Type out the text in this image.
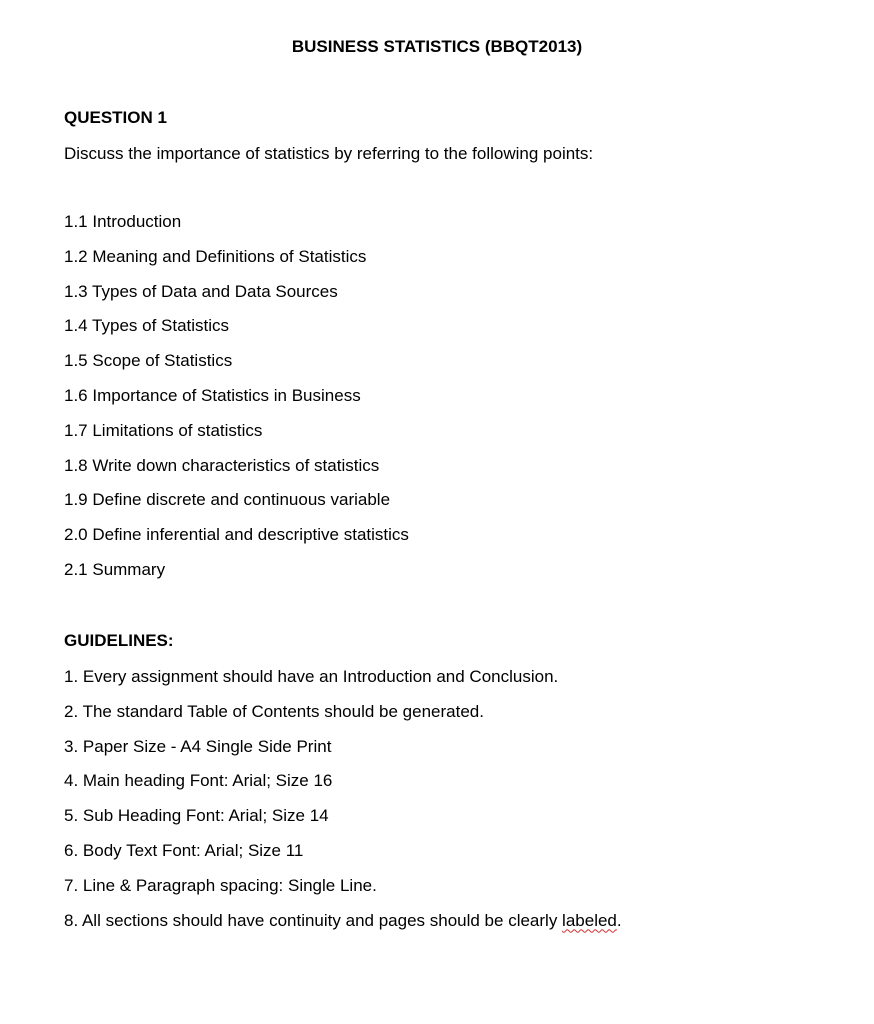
BUSINESS STATISTICS (BBQT2013)
QUESTION 1
Discuss the importance of statistics by referring to the following points:
1.1 Introduction
1.2 Meaning and Definitions of Statistics
1.3 Types of Data and Data Sources
1.4 Types of Statistics
1.5 Scope of Statistics
1.6 Importance of Statistics in Business
1.7 Limitations of statistics
1.8 Write down characteristics of statistics
1.9 Define discrete and continuous variable
2.0 Define inferential and descriptive statistics
2.1 Summary
GUIDELINES:
1. Every assignment should have an Introduction and Conclusion.
2. The standard Table of Contents should be generated.
3. Paper Size - A4 Single Side Print
4. Main heading Font: Arial; Size 16
5. Sub Heading Font: Arial; Size 14
6. Body Text Font: Arial; Size 11
7. Line & Paragraph spacing: Single Line.
8. All sections should have continuity and pages should be clearly labeled.
